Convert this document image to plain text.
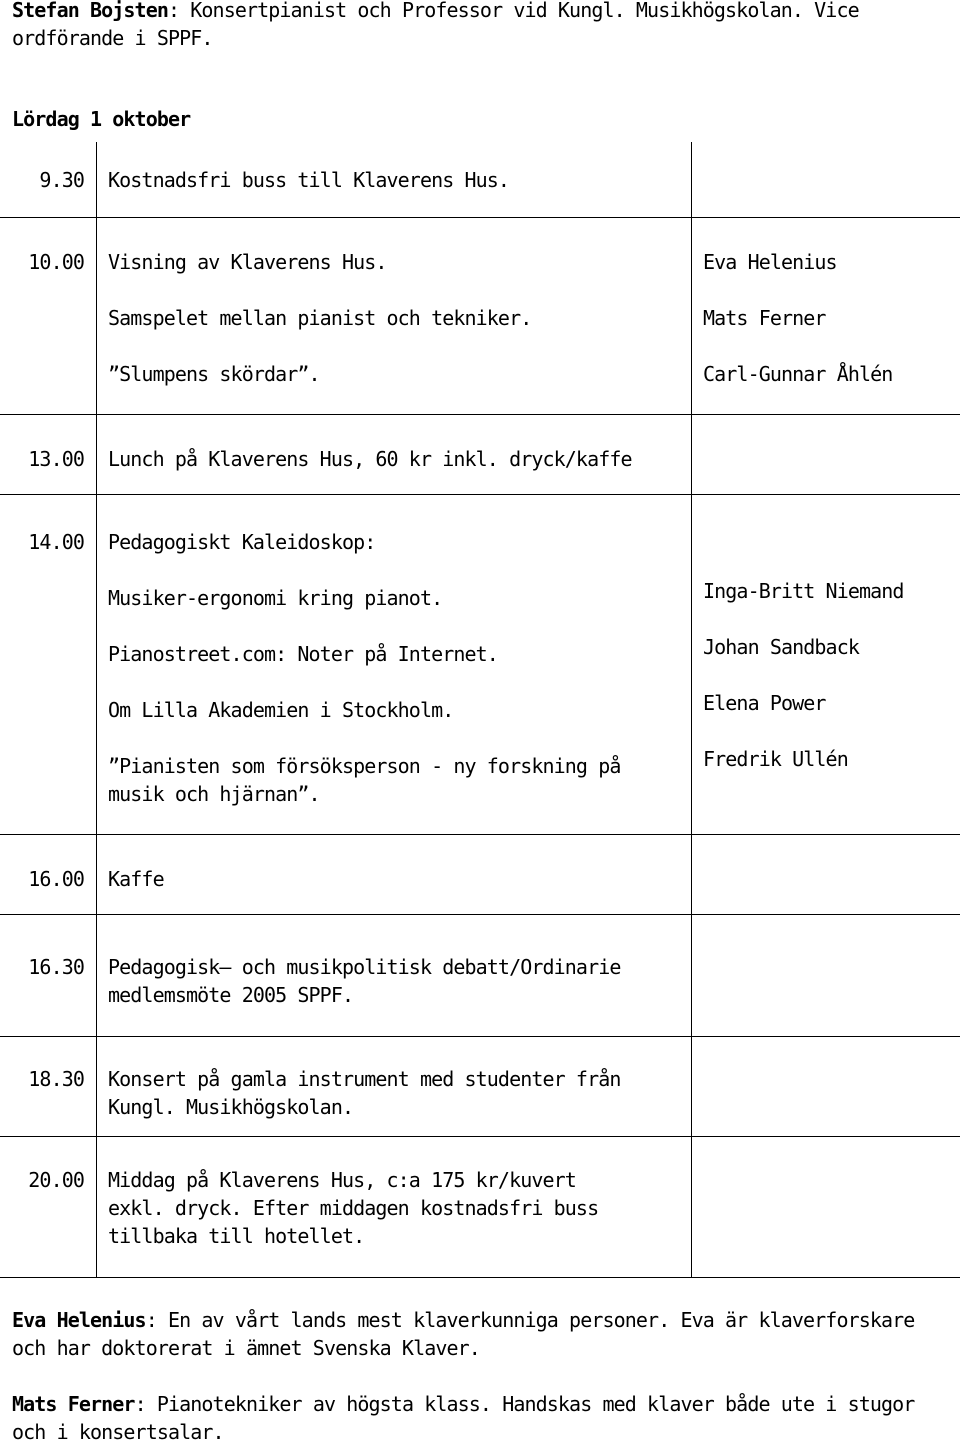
Stefan Bojsten: Konsertpianist och Professor vid Kungl. Musikhögskolan. Vice ordförande i SPPF.
Lördag 1 oktober
9.30 Kostnadsfri buss till Klaverens Hus.
10.00 Visning av Klaverens Hus.
Samspelet mellan pianist och tekniker.
”Slumpens skördar”.
Eva Helenius
Mats Ferner
Carl-Gunnar Åhlén
13.00 Lunch på Klaverens Hus, 60 kr inkl. dryck/kaffe
14.00 Pedagogiskt Kaleidoskop:
Musiker-ergonomi kring pianot.
Pianostreet.com: Noter på Internet.
Om Lilla Akademien i Stockholm.
”Pianisten som försöksperson - ny forskning på musik och hjärnan”.
Inga-Britt Niemand
Johan Sandback
Elena Power
Fredrik Ullén
16.00 Kaffe
16.30 Pedagogisk– och musikpolitisk debatt/Ordinarie medlemsmöte 2005 SPPF.
18.30 Konsert på gamla instrument med studenter från Kungl. Musikhögskolan.
20.00 Middag på Klaverens Hus, c:a 175 kr/kuvert exkl. dryck. Efter middagen kostnadsfri buss tillbaka till hotellet.
Eva Helenius: En av vårt lands mest klaverkunniga personer. Eva är klaverforskare och har doktorerat i ämnet Svenska Klaver.
Mats Ferner: Pianotekniker av högsta klass. Handskas med klaver både ute i stugor och i konsertsalar.
